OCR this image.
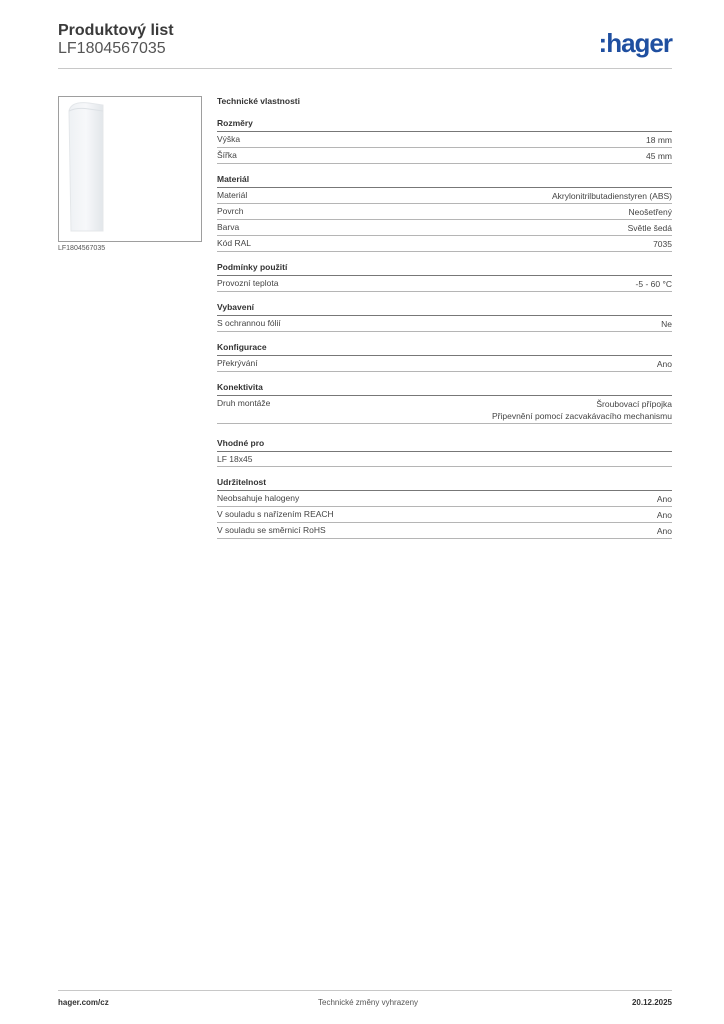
Produktový list
LF1804567035	:hager
LF1804567035
Technické vlastnosti
Rozměry
Výška	18 mm
Šířka	45 mm
Materiál
Materiál	Akrylonitrilbutadienstyren (ABS)
Povrch	Neošetřený
Barva	Světle šedá
Kód RAL	7035
Podmínky použití
Provozní teplota	-5 - 60 °C
Vybavení
S ochrannou fólií	Ne
Konfigurace
Překrývání	Ano
Konektivita
Druh montáže	Šroubovací přípojka
Připevnění pomocí zacvakávacího mechanismu
Vhodné pro
LF 18x45
Udržitelnost
Neobsahuje halogeny	Ano
V souladu s nařízením REACH	Ano
V souladu se směrnicí RoHS	Ano
hager.com/cz	Technické změny vyhrazeny	20.12.2025
